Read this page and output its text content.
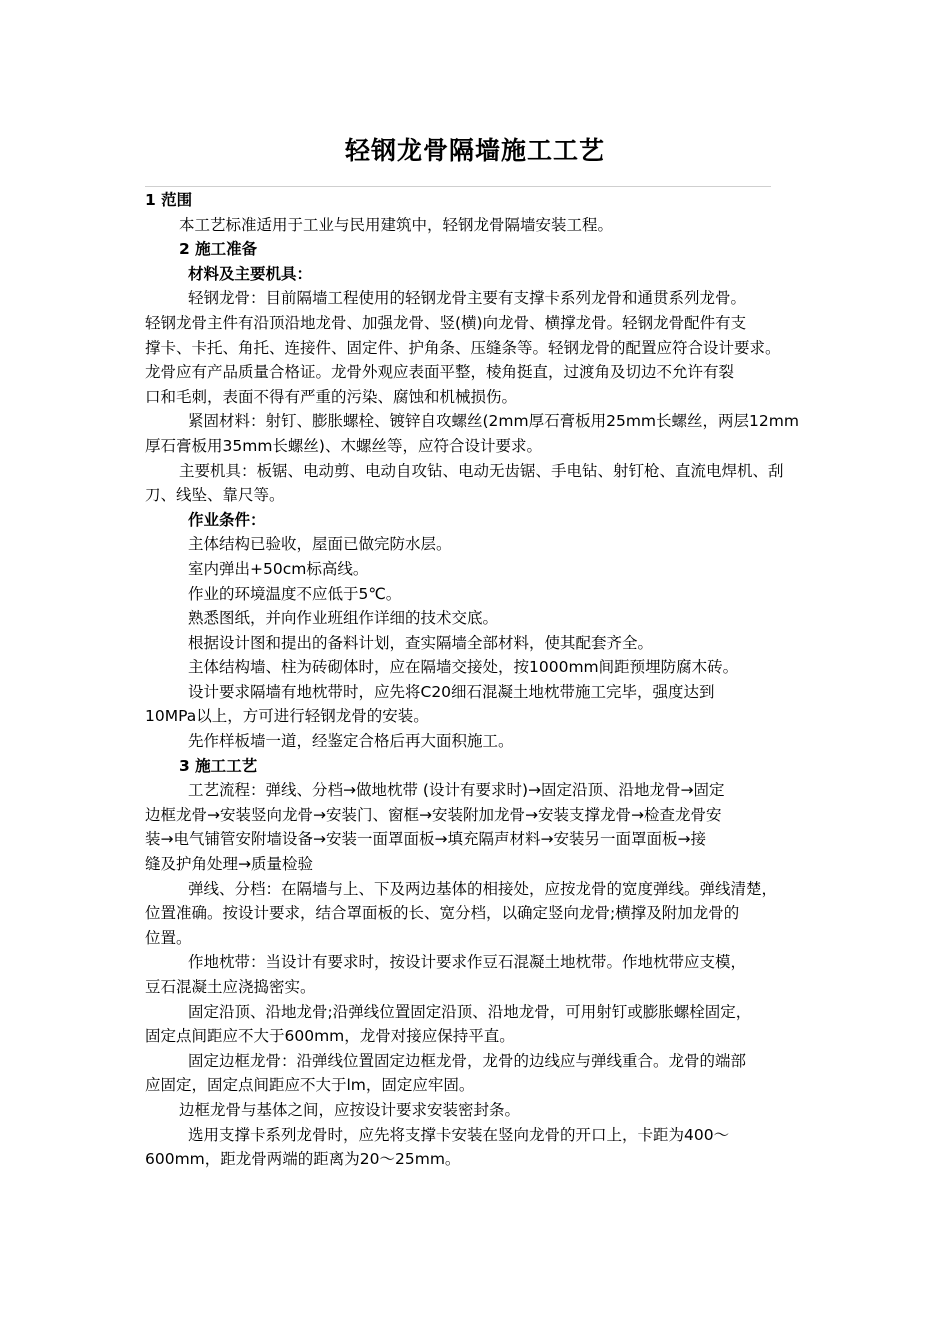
轻钢龙骨隔墙施工工艺

1 范围

本工艺标准适用于工业与民用建筑中，轻钢龙骨隔墙安装工程。

2 施工准备

材料及主要机具：

轻钢龙骨：目前隔墙工程使用的轻钢龙骨主要有支撑卡系列龙骨和通贯系列龙骨。

轻钢龙骨主件有沿顶沿地龙骨、加强龙骨、竖(横)向龙骨、横撑龙骨。轻钢龙骨配件有支

撑卡、卡托、角托、连接件、固定件、护角条、压缝条等。轻钢龙骨的配置应符合设计要求。

龙骨应有产品质量合格证。龙骨外观应表面平整，棱角挺直，过渡角及切边不允许有裂

口和毛刺，表面不得有严重的污染、腐蚀和机械损伤。

紧固材料：射钉、膨胀螺栓、镀锌自攻螺丝(2mm厚石膏板用25mm长螺丝，两层12mm

厚石膏板用35mm长螺丝)、木螺丝等，应符合设计要求。

主要机具：板锯、电动剪、电动自攻钻、电动无齿锯、手电钻、射钉枪、直流电焊机、刮

刀、线坠、靠尺等。

作业条件：

主体结构已验收，屋面已做完防水层。

室内弹出+50cm标高线。

作业的环境温度不应低于5℃。

熟悉图纸，并向作业班组作详细的技术交底。

根据设计图和提出的备料计划，查实隔墙全部材料，使其配套齐全。

主体结构墙、柱为砖砌体时，应在隔墙交接处，按1000mm间距预埋防腐木砖。

设计要求隔墙有地枕带时，应先将C20细石混凝土地枕带施工完毕，强度达到

10MPa以上，方可进行轻钢龙骨的安装。

先作样板墙一道，经鉴定合格后再大面积施工。

3 施工工艺

工艺流程：弹线、分档→做地枕带 (设计有要求时)→固定沿顶、沿地龙骨→固定

边框龙骨→安装竖向龙骨→安装门、窗框→安装附加龙骨→安装支撑龙骨→检查龙骨安

装→电气铺管安附墙设备→安装一面罩面板→填充隔声材料→安装另一面罩面板→接

缝及护角处理→质量检验

弹线、分档：在隔墙与上、下及两边基体的相接处，应按龙骨的宽度弹线。弹线清楚，

位置准确。按设计要求，结合罩面板的长、宽分档，以确定竖向龙骨;横撑及附加龙骨的

位置。

作地枕带：当设计有要求时，按设计要求作豆石混凝土地枕带。作地枕带应支模，

豆石混凝土应浇捣密实。

固定沿顶、沿地龙骨;沿弹线位置固定沿顶、沿地龙骨，可用射钉或膨胀螺栓固定，

固定点间距应不大于600mm，龙骨对接应保持平直。

固定边框龙骨：沿弹线位置固定边框龙骨，龙骨的边线应与弹线重合。龙骨的端部

应固定，固定点间距应不大于lm，固定应牢固。

边框龙骨与基体之间，应按设计要求安装密封条。

选用支撑卡系列龙骨时，应先将支撑卡安装在竖向龙骨的开口上，卡距为400～

600mm，距龙骨两端的距离为20～25mm。
